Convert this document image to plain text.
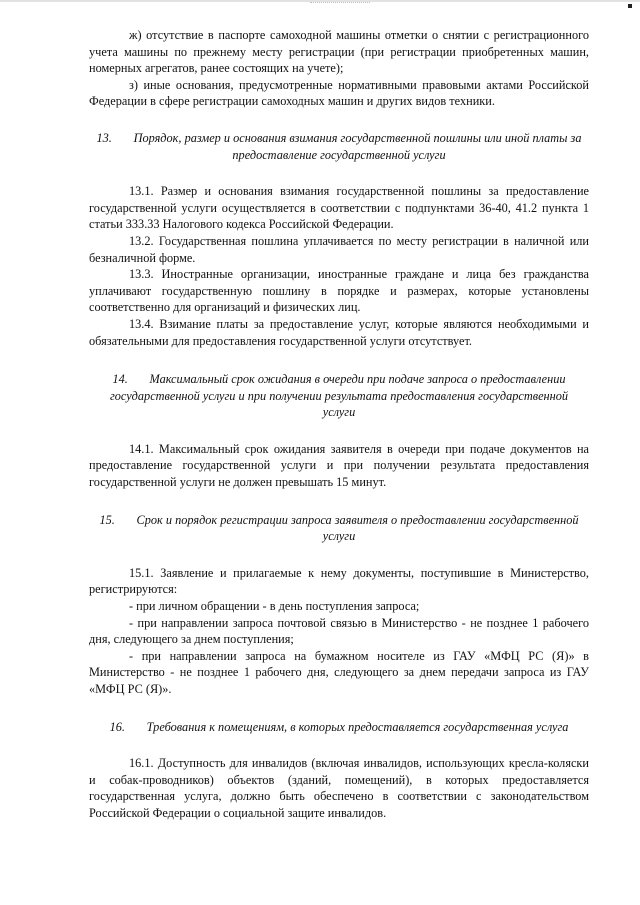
ж) отсутствие в паспорте самоходной машины отметки о снятии с регистрационного учета машины по прежнему месту регистрации (при регистрации приобретенных машин, номерных агрегатов, ранее состоящих на учете);

з) иные основания, предусмотренные нормативными правовыми актами Российской Федерации в сфере регистрации самоходных машин и других видов техники.

13. Порядок, размер и основания взимания государственной пошлины или иной платы за предоставление государственной услуги

13.1. Размер и основания взимания государственной пошлины за предоставление государственной услуги осуществляется в соответствии с подпунктами 36-40, 41.2 пункта 1 статьи 333.33 Налогового кодекса Российской Федерации.

13.2. Государственная пошлина уплачивается по месту регистрации в наличной или безналичной форме.

13.3. Иностранные организации, иностранные граждане и лица без гражданства уплачивают государственную пошлину в порядке и размерах, которые установлены соответственно для организаций и физических лиц.

13.4. Взимание платы за предоставление услуг, которые являются необходимыми и обязательными для предоставления государственной услуги отсутствует.

14. Максимальный срок ожидания в очереди при подаче запроса о предоставлении государственной услуги и при получении результата предоставления государственной услуги

14.1. Максимальный срок ожидания заявителя в очереди при подаче документов на предоставление государственной услуги и при получении результата предоставления государственной услуги не должен превышать 15 минут.

15. Срок и порядок регистрации запроса заявителя о предоставлении государственной услуги

15.1. Заявление и прилагаемые к нему документы, поступившие в Министерство, регистрируются:

- при личном обращении - в день поступления запроса;

- при направлении запроса почтовой связью в Министерство - не позднее 1 рабочего дня, следующего за днем поступления;

- при направлении запроса на бумажном носителе из ГАУ «МФЦ РС (Я)» в Министерство - не позднее 1 рабочего дня, следующего за днем передачи запроса из ГАУ «МФЦ РС (Я)».

16. Требования к помещениям, в которых предоставляется государственная услуга

16.1. Доступность для инвалидов (включая инвалидов, использующих кресла-коляски и собак-проводников) объектов (зданий, помещений), в которых предоставляется государственная услуга, должно быть обеспечено в соответствии с законодательством Российской Федерации о социальной защите инвалидов.
